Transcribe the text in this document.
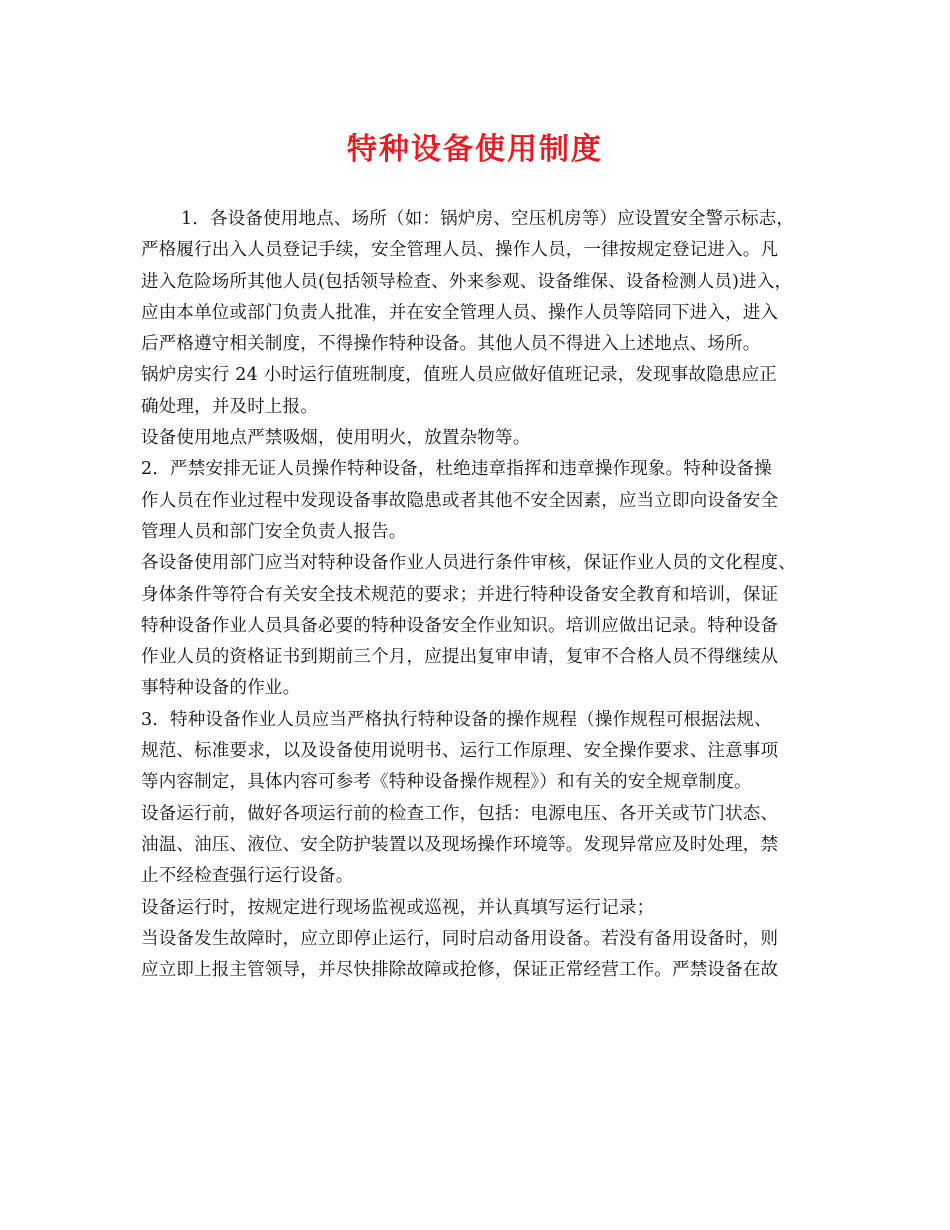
特种设备使用制度
1．各设备使用地点、场所（如：锅炉房、空压机房等）应设置安全警示标志，
严格履行出入人员登记手续，安全管理人员、操作人员，一律按规定登记进入。凡
进入危险场所其他人员(包括领导检查、外来参观、设备维保、设备检测人员)进入，
应由本单位或部门负责人批准，并在安全管理人员、操作人员等陪同下进入，进入
后严格遵守相关制度，不得操作特种设备。其他人员不得进入上述地点、场所。
锅炉房实行 24 小时运行值班制度，值班人员应做好值班记录，发现事故隐患应正
确处理，并及时上报。
设备使用地点严禁吸烟，使用明火，放置杂物等。
2．严禁安排无证人员操作特种设备，杜绝违章指挥和违章操作现象。特种设备操
作人员在作业过程中发现设备事故隐患或者其他不安全因素，应当立即向设备安全
管理人员和部门安全负责人报告。
各设备使用部门应当对特种设备作业人员进行条件审核，保证作业人员的文化程度、
身体条件等符合有关安全技术规范的要求；并进行特种设备安全教育和培训，保证
特种设备作业人员具备必要的特种设备安全作业知识。培训应做出记录。特种设备
作业人员的资格证书到期前三个月，应提出复审申请，复审不合格人员不得继续从
事特种设备的作业。
3．特种设备作业人员应当严格执行特种设备的操作规程（操作规程可根据法规、
规范、标准要求，以及设备使用说明书、运行工作原理、安全操作要求、注意事项
等内容制定，具体内容可参考《特种设备操作规程》）和有关的安全规章制度。
设备运行前，做好各项运行前的检查工作，包括：电源电压、各开关或节门状态、
油温、油压、液位、安全防护装置以及现场操作环境等。发现异常应及时处理，禁
止不经检查强行运行设备。
设备运行时，按规定进行现场监视或巡视，并认真填写运行记录；
当设备发生故障时，应立即停止运行，同时启动备用设备。若没有备用设备时，则
应立即上报主管领导，并尽快排除故障或抢修，保证正常经营工作。严禁设备在故
